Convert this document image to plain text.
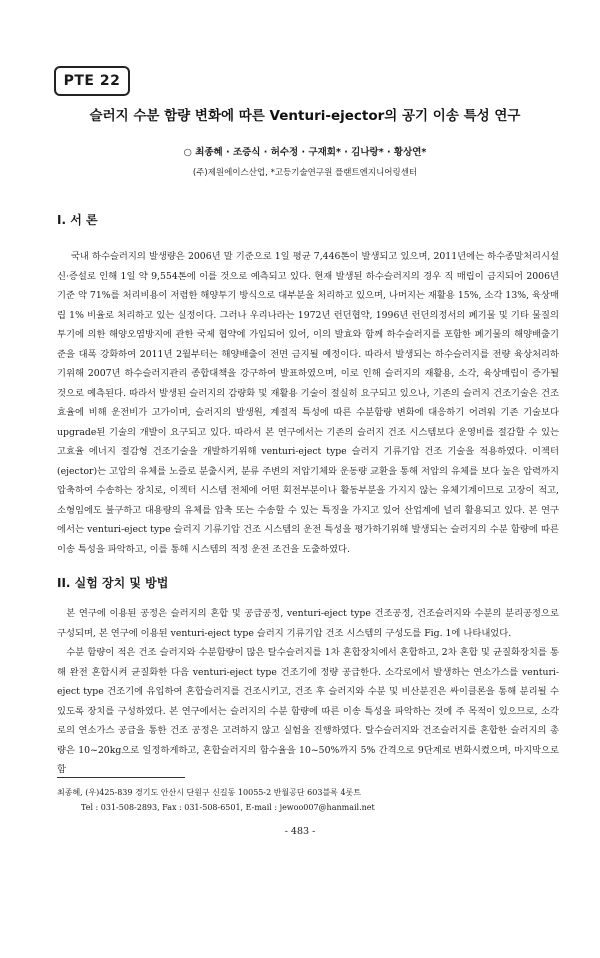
PTE 22
슬러지 수분 함량 변화에 따른 Venturi-ejector의 공기 이송 특성 연구
○ 최종혜 · 조증식 · 허수정 · 구재회* · 김나랑* · 황상연*
(주)제원에이스산업, *고등기술연구원 플랜트엔지니어링센터
I. 서 론

국내 하수슬러지의 발생량은 2006년 말 기준으로 1일 평균 7,446톤이 발생되고 있으며, 2011년에는 하수종말처리시설 신·증설로 인해 1일 약 9,554톤에 이를 것으로 예측되고 있다. 현재 발생된 하수슬러지의 경우 직 매립이 금지되어 2006년 기준 약 71%를 처리비용이 저렴한 해양투기 방식으로 대부분을 처리하고 있으며, 나머지는 재활용 15%, 소각 13%, 육상매립 1% 비율로 처리하고 있는 실정이다. 그러나 우리나라는 1972년 런던협약, 1996년 런던의정서의 폐기물 및 기타 물질의 투기에 의한 해양오염방지에 관한 국제 협약에 가입되어 있어, 이의 발효와 함께 하수슬러지를 포함한 폐기물의 해양배출기준을 대폭 강화하여 2011년 2월부터는 해양배출이 전면 금지될 예정이다. 따라서 발생되는 하수슬러지를 전량 육상처리하기위해 2007년 하수슬러지관리 종합대책을 강구하여 발표하였으며, 이로 인해 슬러지의 재활용, 소각, 육상매립이 증가될 것으로 예측된다. 따라서 발생된 슬러지의 감량화 및 재활용 기술이 절실히 요구되고 있으나, 기존의 슬러지 건조기술은 건조효율에 비해 운전비가 고가이며, 슬러지의 발생원, 계절적 특성에 따른 수분함량 변화에 대응하기 어려워 기존 기술보다 upgrade된 기술의 개발이 요구되고 있다. 따라서 본 연구에서는 기존의 슬러지 건조 시스템보다 운영비를 절감할 수 있는 고효율 에너지 절감형 건조기술을 개발하기위해 venturi-eject type 슬러지 기류기압 건조 기술을 적용하였다. 이젝터(ejector)는 고압의 유체를 노즐로 분출시켜, 분류 주변의 저압기체와 운동량 교환을 통해 저압의 유체를 보다 높은 압력까지 압축하여 수송하는 장치로, 이젝터 시스템 전체에 어떤 회전부분이나 활동부분을 가지지 않는 유체기계이므로 고장이 적고, 소형임에도 불구하고 대용량의 유체를 압축 또는 수송할 수 있는 특징을 가지고 있어 산업계에 널리 활용되고 있다. 본 연구에서는 venturi-eject type 슬러지 기류기압 건조 시스템의 운전 특성을 평가하기위해 발생되는 슬러지의 수분 함량에 따른 이송 특성을 파악하고, 이를 통해 시스템의 적정 운전 조건을 도출하였다.

II. 실험 장치 및 방법

본 연구에 이용된 공정은 슬러지의 혼합 및 공급공정, venturi-eject type 건조공정, 건조슬러지와 수분의 분리공정으로 구성되며, 본 연구에 이용된 venturi-eject type 슬러지 기류기압 건조 시스템의 구성도를 Fig. 1에 나타내었다.

수분 함량이 적은 건조 슬러지와 수분함량이 많은 탈수슬러지를 1차 혼합장치에서 혼합하고, 2차 혼합 및 균질화장치를 통해 완전 혼합시켜 균질화한 다음 venturi-eject type 건조기에 정량 공급한다. 소각로에서 발생하는 연소가스를 venturi-eject type 건조기에 유입하여 혼합슬러지를 건조시키고, 건조 후 슬러지와 수분 및 비산분진은 싸이클론을 통해 분리될 수 있도록 장치를 구성하였다. 본 연구에서는 슬러지의 수분 함량에 따른 이송 특성을 파악하는 것에 주 목적이 있으므로, 소각로의 연소가스 공급을 통한 건조 공정은 고려하지 않고 실험을 진행하였다. 탈수슬러지와 건조슬러지를 혼합한 슬러지의 총량은 10~20kg으로 일정하게하고, 혼합슬러지의 함수율을 10~50%까지 5% 간격으로 9단계로 변화시켰으며, 마지막으로 함

최종혜, (우)425-839 경기도 안산시 단원구 신길동 10055-2 반월공단 603블록 4롯트
Tel : 031-508-2893, Fax : 031-508-6501, E-mail : jewoo007@hanmail.net
- 483 -
